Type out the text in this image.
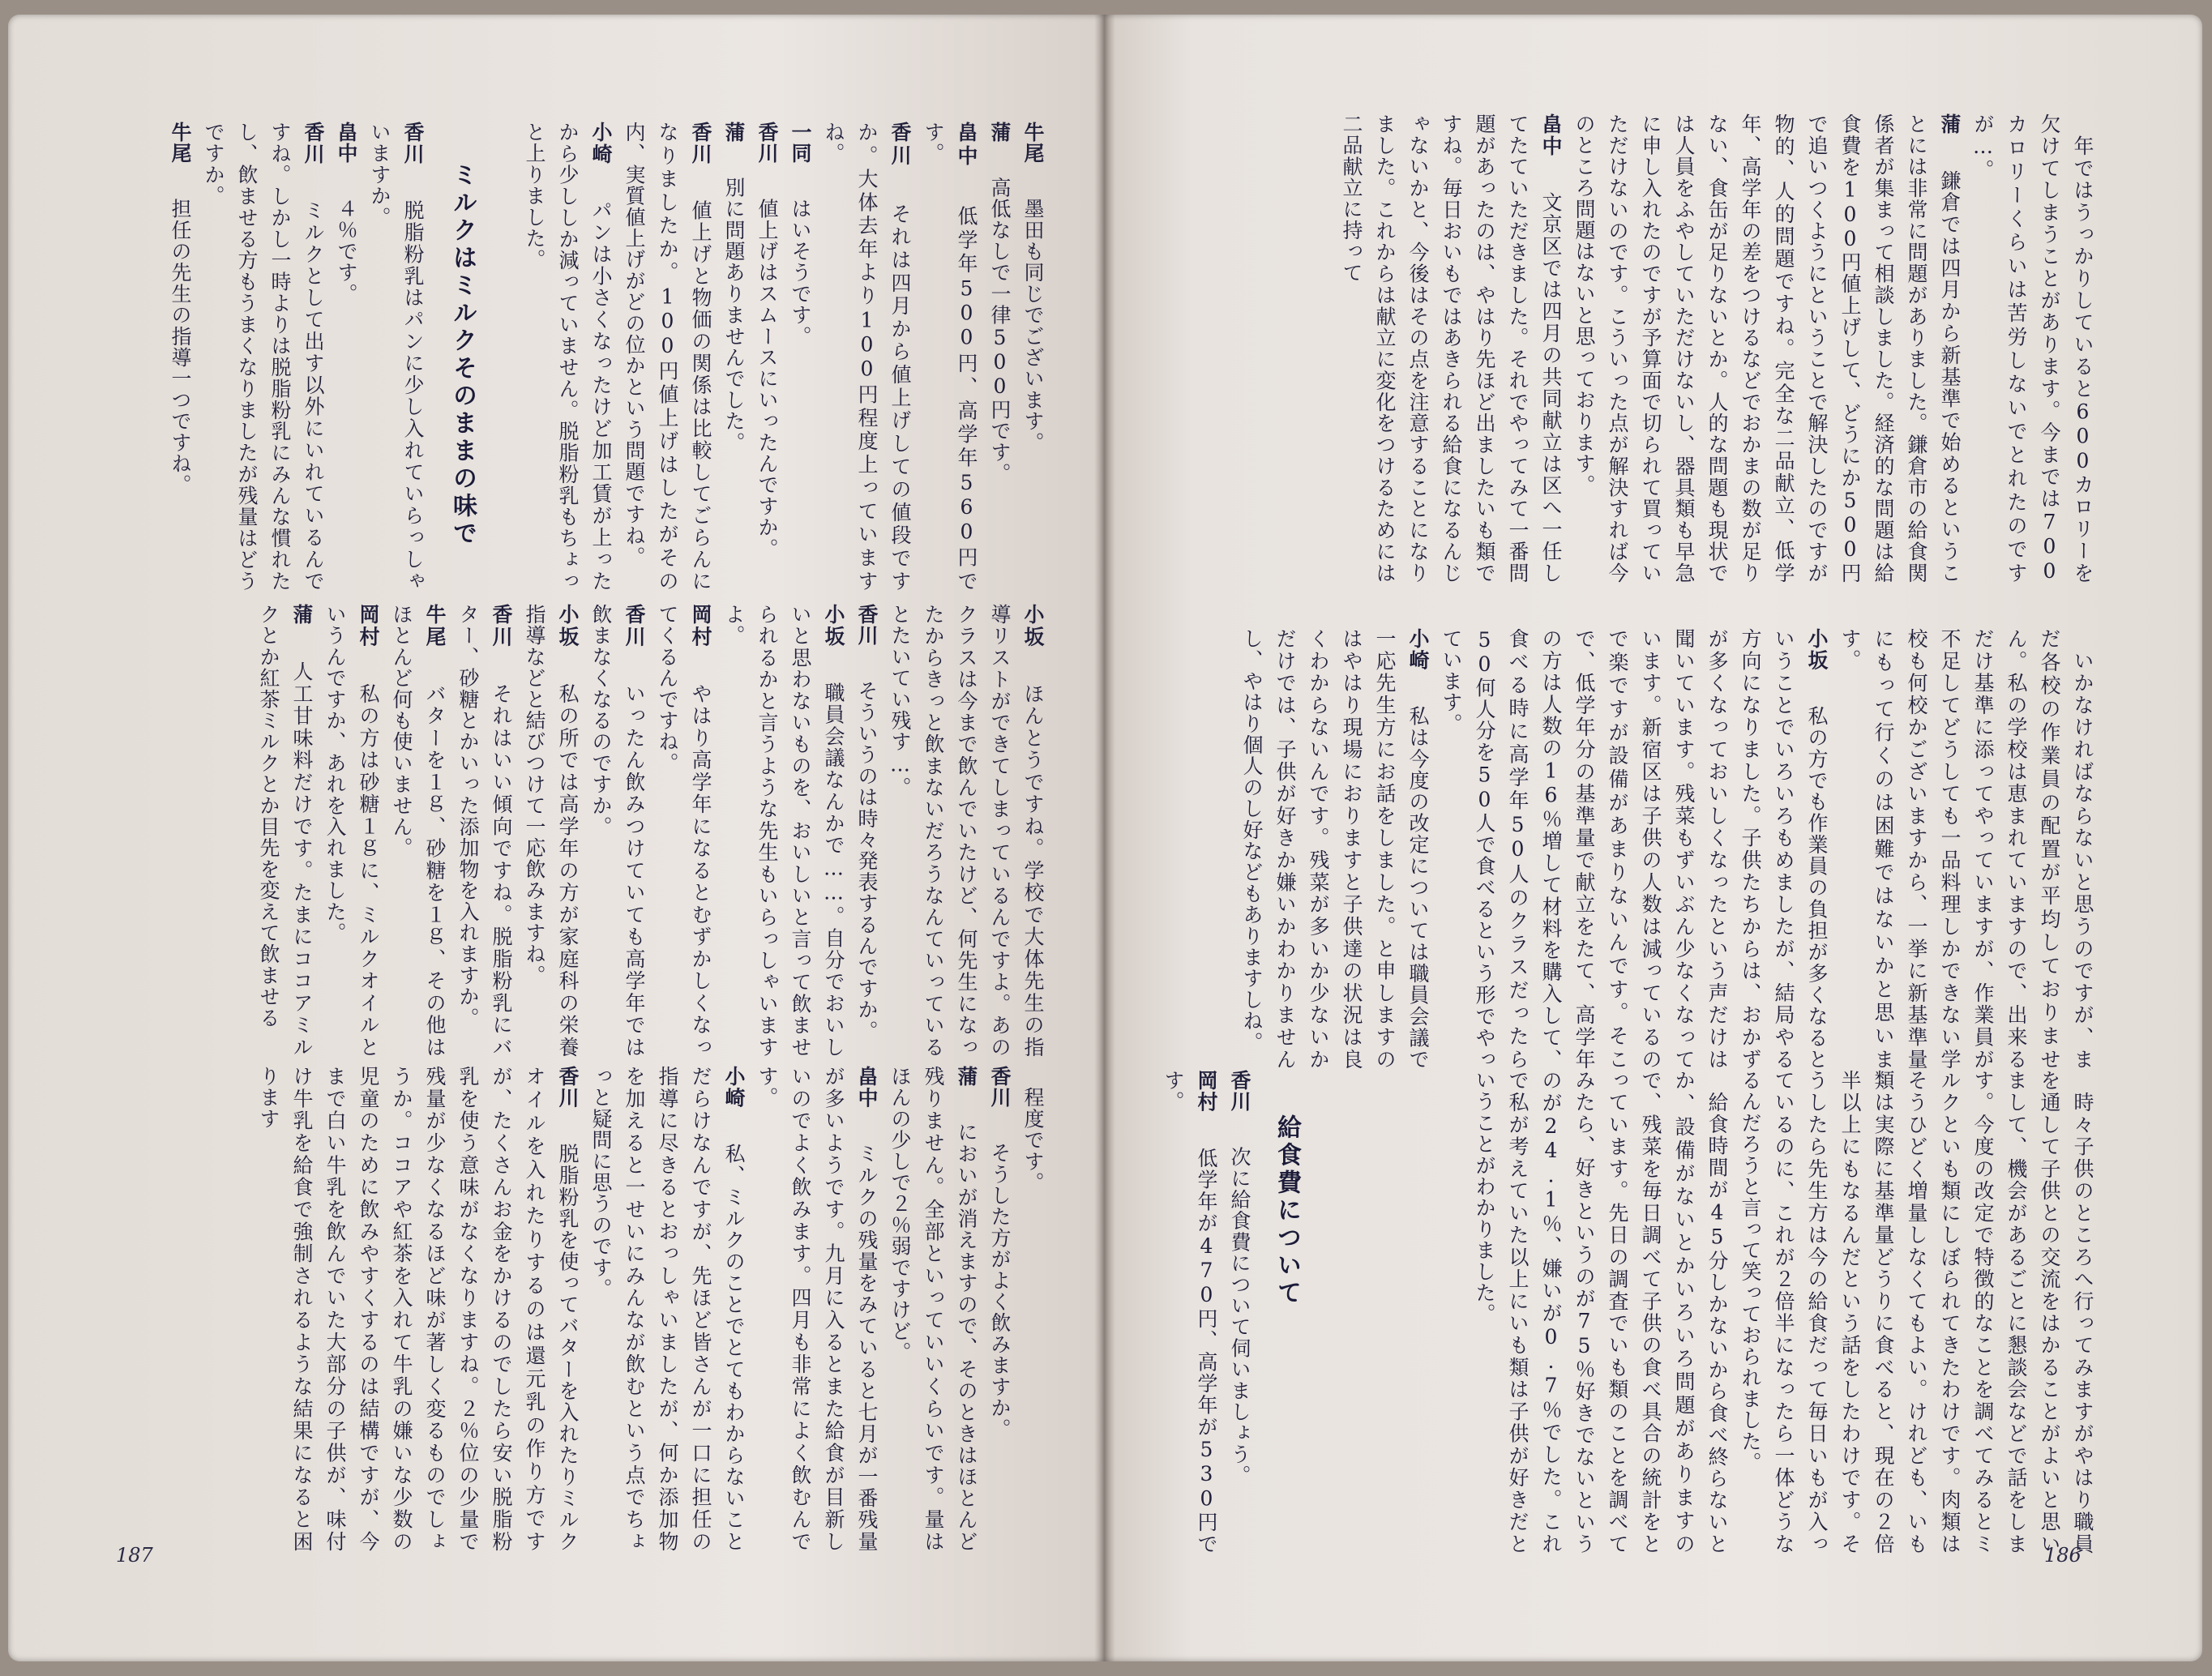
　年ではうっかりしていると600カロリーを欠けてしまうことがあります。今までは700カロリーくらいは苦労しないでとれたのですが…。

蒲　鎌倉では四月から新基準で始めるということには非常に問題がありました。鎌倉市の給食関係者が集まって相談しました。経済的な問題は給食費を100円値上げして、どうにか500円で追いつくようにということで解決したのですが物的、人的問題ですね。完全な二品献立、低学年、高学年の差をつけるなどでおかまの数が足りない、食缶が足りないとか。人的な問題も現状では人員をふやしていただけないし、器具類も早急に申し入れたのですが予算面で切られて買っていただけないのです。こういった点が解決すれば今のところ問題はないと思っております。

畠中　文京区では四月の共同献立は区へ一任してたていただきました。それでやってみて一番問題があったのは、やはり先ほど出ましたいも類ですね。毎日おいもではあきられる給食になるんじゃないかと、今後はその点を注意することになりました。これからは献立に変化をつけるためには二品献立に持って

　いかなければならないと思うのですが、まだ各校の作業員の配置が平均しておりません。私の学校は恵まれていますので、出来るだけ基準に添ってやっていますが、作業員が不足してどうしても一品料理しかできない学校も何校かございますから、一挙に新基準量にもって行くのは困難ではないかと思います。

小坂　私の方でも作業員の負担が多くなるということでいろいろもめましたが、結局やる方向になりました。子供たちからは、おかずが多くなっておいしくなったという声だけは聞いています。残菜もずいぶん少なくなっています。新宿区は子供の人数は減っているので楽ですが設備があまりないんです。そこで、低学年分の基準量で献立をたて、高学年の方は人数の16％増して材料を購入して、食べる時に高学年50人のクラスだったら50何人分を50人で食べるという形でやっています。

小崎　私は今度の改定については職員会議で一応先生方にお話をしました。と申しますのはやはり現場におりますと子供達の状況は良くわからないんです。残菜が多いか少ないかだけでは、子供が好きか嫌いかわかりませんし、やはり個人のし好などもありますしね。

　時々子供のところへ行ってみますがやはり職員を通して子供との交流をはかることがよいと思いまして、機会があるごとに懇談会などで話をします。今度の改定で特徴的なことを調べてみるとミルクといも類にしぼられてきたわけです。肉類はそうひどく増量しなくてもよい。けれども、いも類は実際に基準量どうりに食べると、現在の２倍半以上にもなるんだという話をしたわけです。そうしたら先生方は今の給食だって毎日いもが入っているのに、これが２倍半になったら一体どうなるんだろうと言って笑っておられました。

　給食時間が45分しかないから食べ終らないとか、設備がないとかいろいろ問題がありますので、残菜を毎日調べて子供の食べ具合の統計をとっています。先日の調査でいも類のことを調べてみたら、好きというのが75％好きでないというのが24.1％、嫌いが0.7％でした。これで私が考えていた以上にいも類は子供が好きだということがわかりました。

給食費について

香川　次に給食費について伺いましょう。

岡村　低学年が470円、高学年が530円です。

186

牛尾　墨田も同じでございます。

蒲　高低なしで一律500円です。

畠中　低学年500円、高学年560円です。

香川　それは四月から値上げしての値段ですか。大体去年より100円程度上っていますね。

一同　はいそうです。

香川　値上げはスムースにいったんですか。

蒲　別に問題ありませんでした。

香川　値上げと物価の関係は比較してごらんになりましたか。100円値上げはしたがその内、実質値上げがどの位かという問題ですね。

小崎　パンは小さくなったけど加工賃が上ったから少ししか減っていません。脱脂粉乳もちょっと上りました。

ミルクはミルクそのままの味で

香川　脱脂粉乳はパンに少し入れていらっしゃいますか。

畠中　４％です。

香川　ミルクとして出す以外にいれているんですね。しかし一時よりは脱脂粉乳にみんな慣れたし、飲ませる方もうまくなりましたが残量はどうですか。

牛尾　担任の先生の指導一つですね。

小坂　ほんとうですね。学校で大体先生の指導リストができてしまっているんですよ。あのクラスは今まで飲んでいたけど、何先生になったからきっと飲まないだろうなんていっているとたいてい残す…。

香川　そういうのは時々発表するんですか。

小坂　職員会議なんかで……。自分でおいしいと思わないものを、おいしいと言って飲ませられるかと言うような先生もいらっしゃいますよ。

岡村　やはり高学年になるとむずかしくなってくるんですね。

香川　いったん飲みつけていても高学年では飲まなくなるのですか。

小坂　私の所では高学年の方が家庭科の栄養指導などと結びつけて一応飲みますね。

香川　それはいい傾向ですね。脱脂粉乳にバター、砂糖とかいった添加物を入れますか。

牛尾　バターを１ｇ、砂糖を１ｇ、その他はほとんど何も使いません。

岡村　私の方は砂糖１ｇに、ミルクオイルというんですか、あれを入れました。

蒲　人工甘味料だけです。たまにココアミルクとか紅茶ミルクとか目先を変えて飲ませる

　程度です。

香川　そうした方がよく飲みますか。

蒲　においが消えますので、そのときはほとんど残りません。全部といっていいくらいです。量はほんの少しで２％弱ですけど。

畠中　ミルクの残量をみていると七月が一番残量が多いようです。九月に入るとまた給食が目新しいのでよく飲みます。四月も非常によく飲むんです。

小崎　私、ミルクのことでとてもわからないことだらけなんですが、先ほど皆さんが一口に担任の指導に尽きるとおっしゃいましたが、何か添加物を加えると一せいにみんなが飲むという点でちょっと疑問に思うのです。

香川　脱脂粉乳を使ってバターを入れたりミルクオイルを入れたりするのは還元乳の作り方ですが、たくさんお金をかけるのでしたら安い脱脂粉乳を使う意味がなくなりますね。２％位の少量で残量が少なくなるほど味が著しく変るものでしょうか。ココアや紅茶を入れて牛乳の嫌いな少数の児童のために飲みやすくするのは結構ですが、今まで白い牛乳を飲んでいた大部分の子供が、味付け牛乳を給食で強制されるような結果になると困ります

187
